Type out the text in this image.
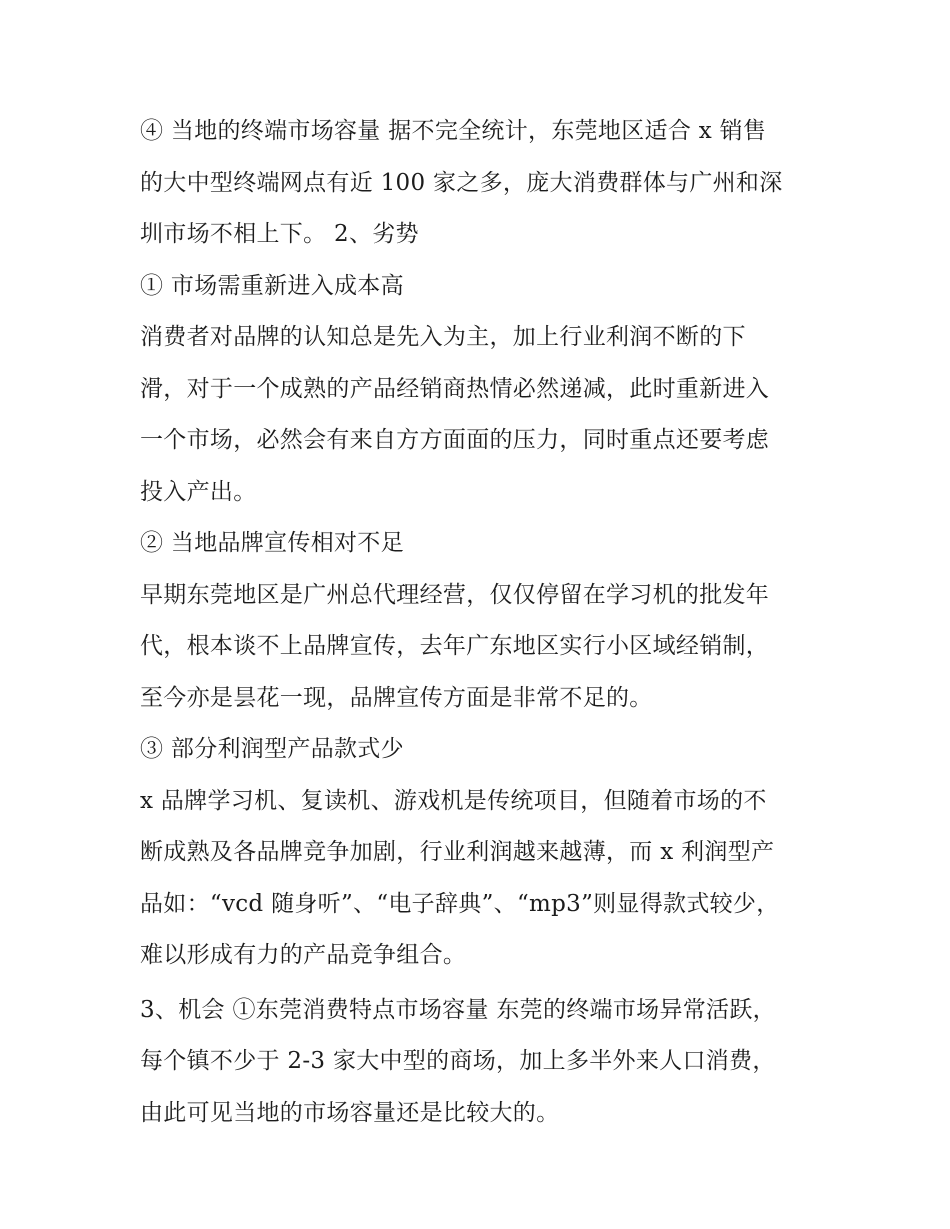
④ 当地的终端市场容量 据不完全统计，东莞地区适合 x 销售
的大中型终端网点有近 100 家之多，庞大消费群体与广州和深
圳市场不相上下。 2、劣势
① 市场需重新进入成本高
消费者对品牌的认知总是先入为主，加上行业利润不断的下
滑，对于一个成熟的产品经销商热情必然递减，此时重新进入
一个市场，必然会有来自方方面面的压力，同时重点还要考虑
投入产出。
② 当地品牌宣传相对不足
早期东莞地区是广州总代理经营，仅仅停留在学习机的批发年
代，根本谈不上品牌宣传，去年广东地区实行小区域经销制，
至今亦是昙花一现，品牌宣传方面是非常不足的。
③ 部分利润型产品款式少
x 品牌学习机、复读机、游戏机是传统项目，但随着市场的不
断成熟及各品牌竞争加剧，行业利润越来越薄，而 x 利润型产
品如：“vcd 随身听”、“电子辞典”、“mp3”则显得款式较少，
难以形成有力的产品竞争组合。
3、机会 ①东莞消费特点市场容量 东莞的终端市场异常活跃，
每个镇不少于 2-3 家大中型的商场，加上多半外来人口消费，
由此可见当地的市场容量还是比较大的。
